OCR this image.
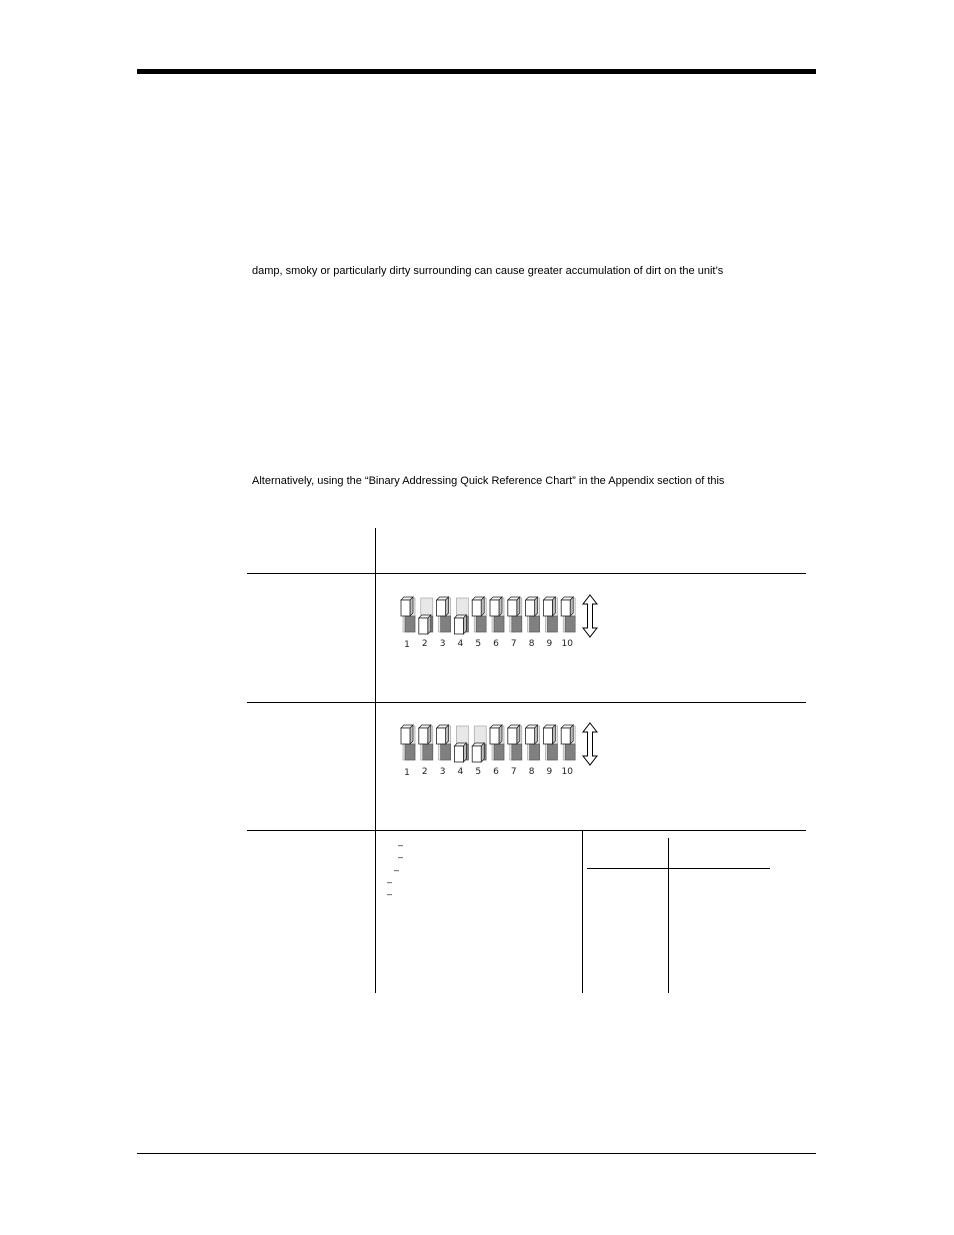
damp, smoky or particularly dirty surrounding can cause greater accumulation of dirt on the unit’s
Alternatively, using the “Binary Addressing Quick Reference Chart” in the Appendix section of this
–
–
–
–
–
1 2 3 4 5 6 7 8 9 10
1 2 3 4 5 6 7 8 9 10
